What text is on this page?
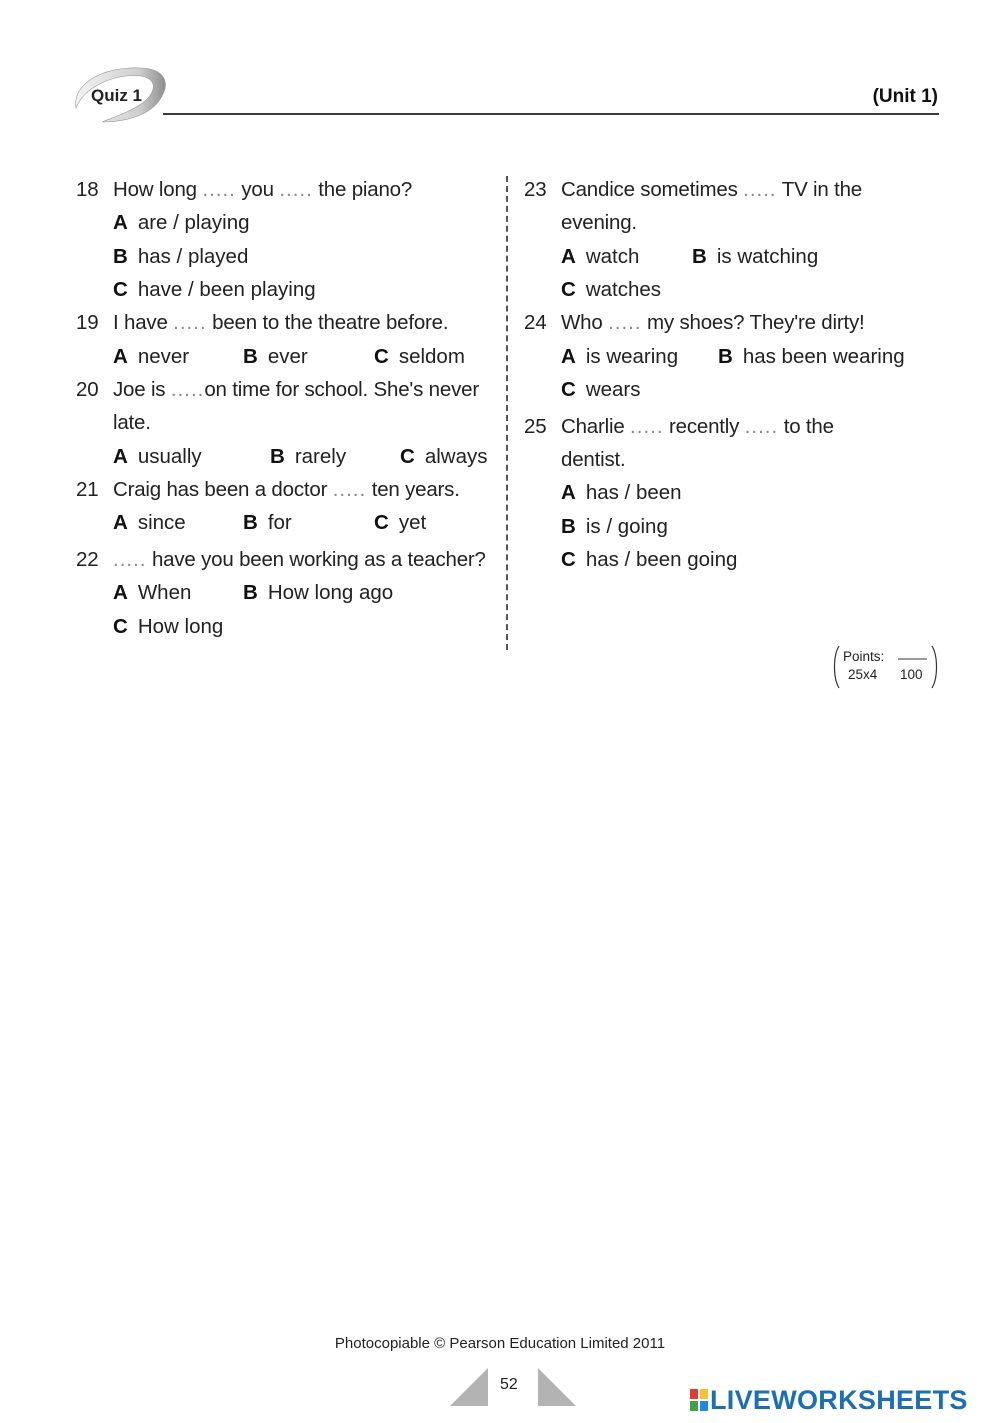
Quiz 1	(Unit 1)
18 How long ..... you ..... the piano?
A are / playing
B has / played
C have / been playing
19 I have ..... been to the theatre before.
A never	B ever	C seldom
20 Joe is .....on time for school. She's never
late.
A usually	B rarely	C always
21 Craig has been a doctor ..... ten years.
A since	B for	C yet
22 ..... have you been working as a teacher?
A When	B How long ago
C How long
23 Candice sometimes ..... TV in the
evening.
A watch	B is watching
C watches
24 Who ..... my shoes? They're dirty!
A is wearing B has been wearing
C wears
25 Charlie ..... recently ..... to the
dentist.
A has / been
B is / going
C has / been going
Points:
25x4 100
Photocopiable © Pearson Education Limited 2011
52	LIVEWORKSHEETS
